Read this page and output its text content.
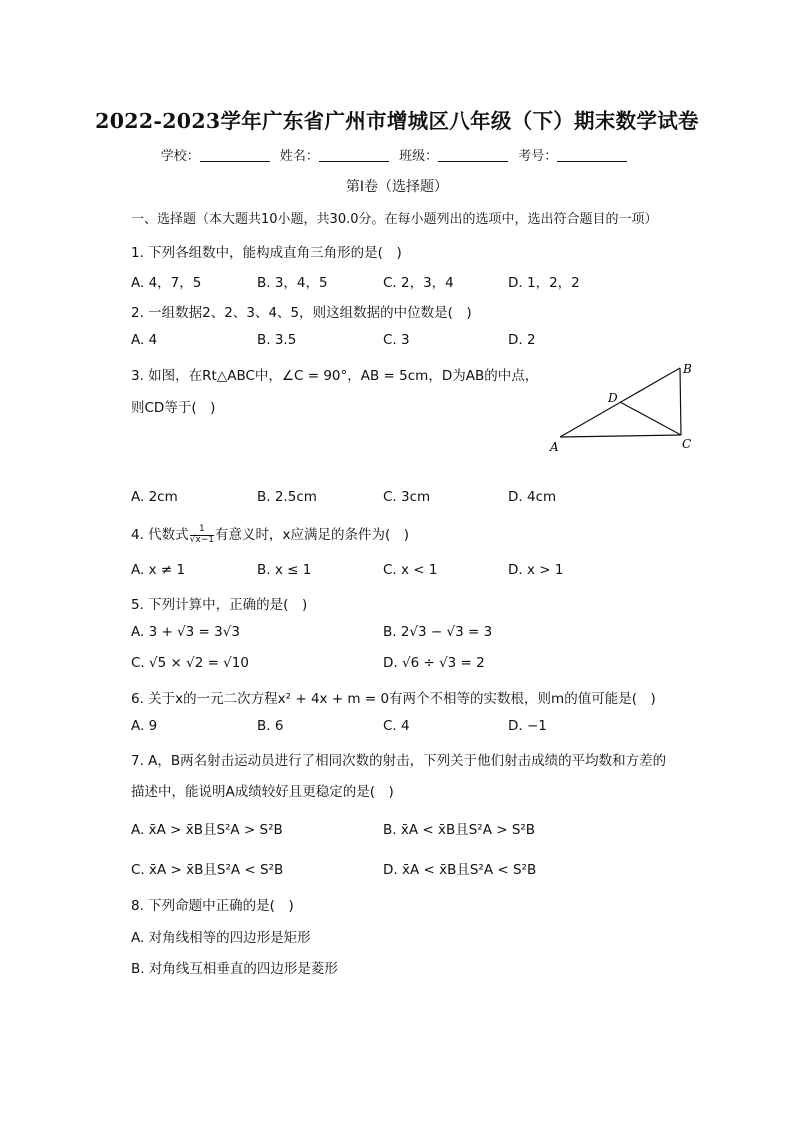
2022-2023学年广东省广州市增城区八年级（下）期末数学试卷
学校：	姓名：	班级：	考号：
第Ⅰ卷（选择题）
一、选择题（本大题共10小题，共30.0分。在每小题列出的选项中，选出符合题目的一项）
1. 下列各组数中，能构成直角三角形的是(　)
A. 4，7，5	B. 3，4，5	C. 2，3，4	D. 1，2，2
2. 一组数据2、2、3、4、5，则这组数据的中位数是(　)
A. 4	B. 3.5	C. 3	D. 2
3. 如图，在Rt△ABC中，∠C = 90°，AB = 5cm，D为AB的中点，
则CD等于(　)
A
B
C
D
A. 2cm	B. 2.5cm	C. 3cm	D. 4cm
4. 代数式 $\frac{1}{√x-1}$ 有意义时，x应满足的条件为(　)
A. x ≠ 1	B. x ≤ 1	C. x < 1	D. x > 1
5. 下列计算中，正确的是(　)
A. 3 + √3 = 3√3	B. 2√3 − √3 = 3
C. √5 × √2 = √10	D. √6 ÷ √3 = 2
6. 关于x的一元二次方程x² + 4x + m = 0有两个不相等的实数根，则m的值可能是(　)
A. 9	B. 6	C. 4	D. −1
7. A，B两名射击运动员进行了相同次数的射击，下列关于他们射击成绩的平均数和方差的
描述中，能说明A成绩较好且更稳定的是(　)
A. x̄A > x̄B且S²A > S²B	B. x̄A < x̄B且S²A > S²B
C. x̄A > x̄B且S²A < S²B	D. x̄A < x̄B且S²A < S²B
8. 下列命题中正确的是(　)
A. 对角线相等的四边形是矩形
B. 对角线互相垂直的四边形是菱形
